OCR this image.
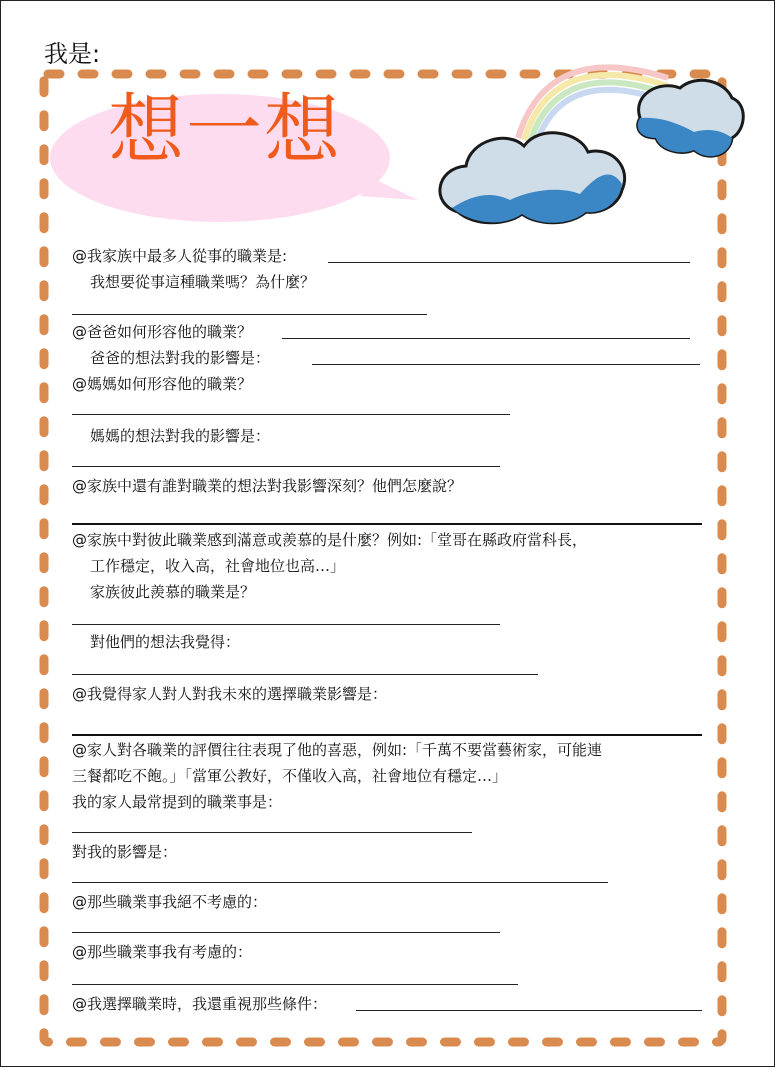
我是:
想一想
@我家族中最多人從事的職業是:
我想要從事這種職業嗎？為什麼？
@爸爸如何形容他的職業？
爸爸的想法對我的影響是：
@媽媽如何形容他的職業？
媽媽的想法對我的影響是：
@家族中還有誰對職業的想法對我影響深刻？他們怎麼說？
@家族中對彼此職業感到滿意或羨慕的是什麼？例如:「堂哥在縣政府當科長，
工作穩定，收入高，社會地位也高…」
家族彼此羨慕的職業是？
對他們的想法我覺得：
@我覺得家人對人對我未來的選擇職業影響是：
@家人對各職業的評價往往表現了他的喜惡，例如:「千萬不要當藝術家，可能連
三餐都吃不飽。」「當軍公教好，不僅收入高，社會地位有穩定…」
我的家人最常提到的職業事是：
對我的影響是：
@那些職業事我絕不考慮的：
@那些職業事我有考慮的：
@我選擇職業時，我還重視那些條件：
